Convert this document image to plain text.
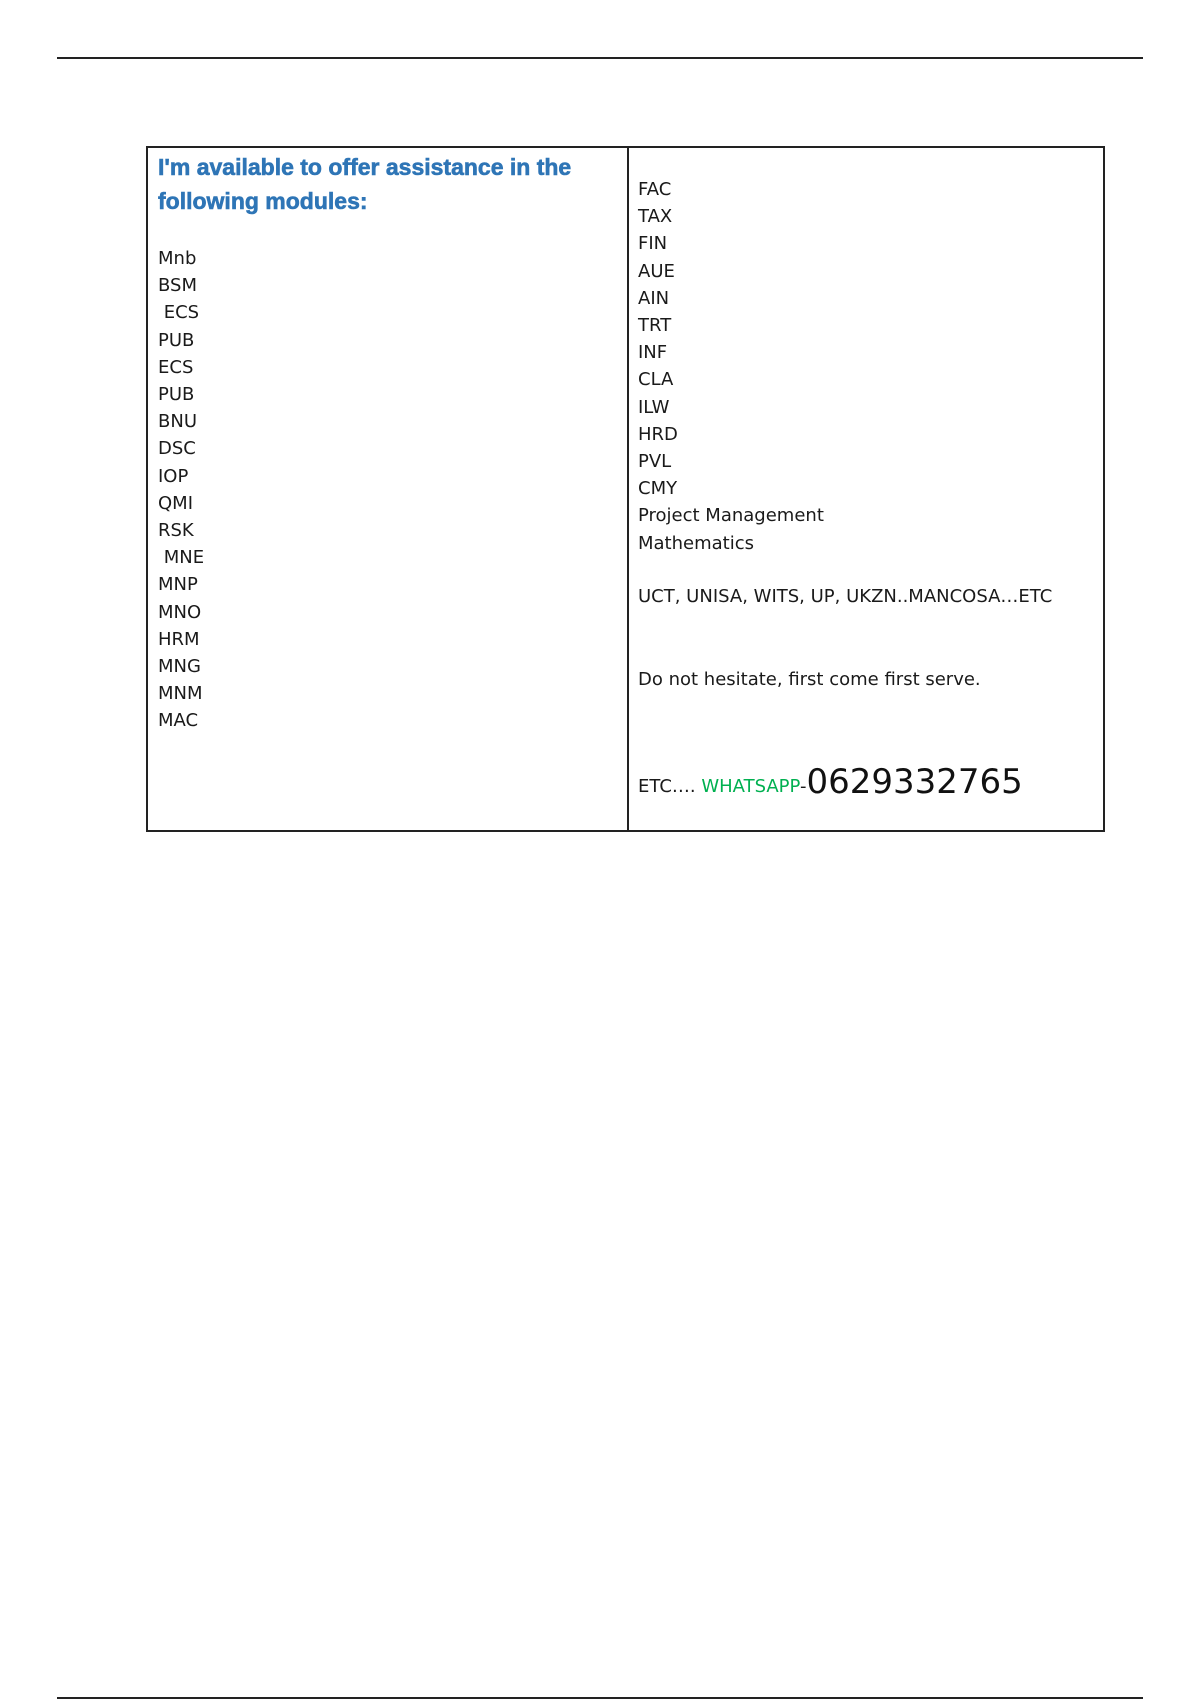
I'm available to offer assistance in the following modules:

Mnb
BSM
ECS
PUB
ECS
PUB
BNU
DSC
IOP
QMI
RSK
MNE
MNP
MNO
HRM
MNG
MNM
MAC
FAC
TAX
FIN
AUE
AIN
TRT
INF
CLA
ILW
HRD
PVL
CMY
Project Management
Mathematics

UCT, UNISA, WITS, UP, UKZN..MANCOSA…ETC

Do not hesitate, first come first serve.

ETC…. WHATSAPP-0629332765
